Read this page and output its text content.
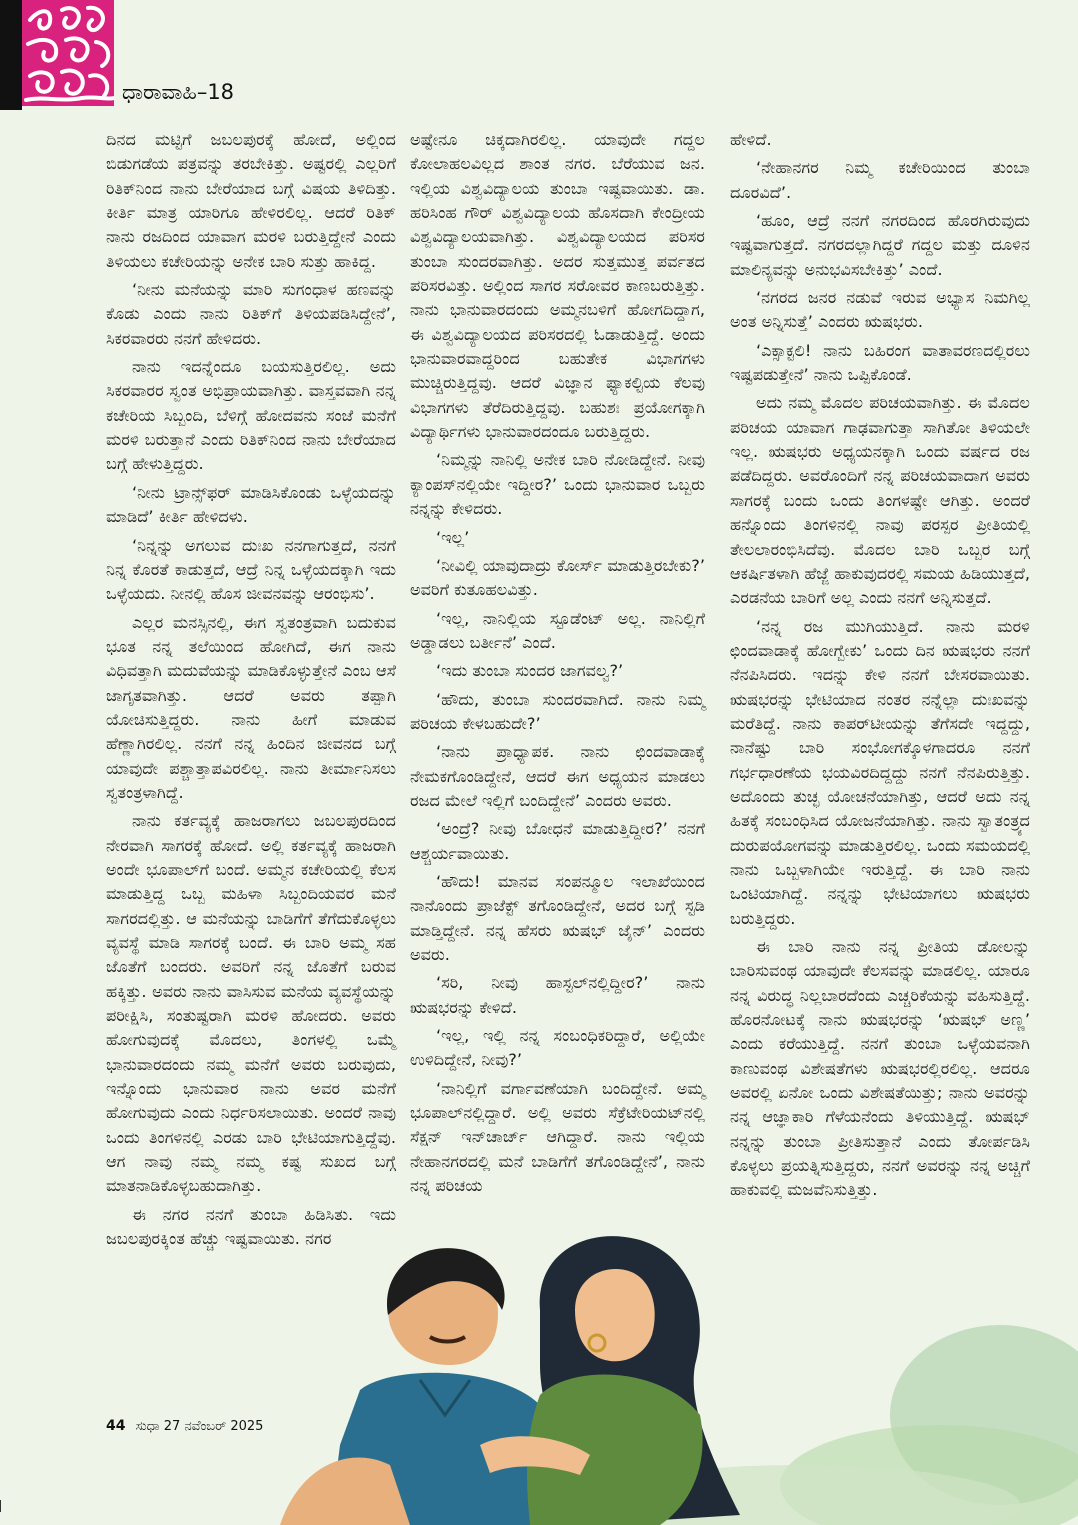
ಧಾರಾವಾಹಿ–18

ದಿನದ ಮಟ್ಟಿಗೆ ಜಬಲಪುರಕ್ಕೆ ಹೋದೆ, ಅಲ್ಲಿಂದ ಬಿಡುಗಡೆಯ ಪತ್ರವನ್ನು ತರಬೇಕಿತ್ತು. ಅಷ್ಟರಲ್ಲಿ ಎಲ್ಲರಿಗೆ ರಿತಿಕ್‌ನಿಂದ ನಾನು ಬೇರೆಯಾದ ಬಗ್ಗೆ ವಿಷಯ ತಿಳಿದಿತ್ತು. ಕೀರ್ತಿ ಮಾತ್ರ ಯಾರಿಗೂ ಹೇಳಿರಲಿಲ್ಲ. ಆದರೆ ರಿತಿಕ್ ನಾನು ರಜದಿಂದ ಯಾವಾಗ ಮರಳಿ ಬರುತ್ತಿದ್ದೇನೆ ಎಂದು ತಿಳಿಯಲು ಕಚೇರಿಯನ್ನು ಅನೇಕ ಬಾರಿ ಸುತ್ತು ಹಾಕಿದ್ದ.

‘ನೀನು ಮನೆಯನ್ನು ಮಾರಿ ಸುಗಂಧಾಳ ಹಣವನ್ನು ಕೊಡು ಎಂದು ನಾನು ರಿತಿಕ್‌ಗೆ ತಿಳಿಯಪಡಿಸಿದ್ದೇನೆ’, ಸಿಕರವಾರರು ನನಗೆ ಹೇಳಿದರು.

ನಾನು ಇದನ್ನೆಂದೂ ಬಯಸುತ್ತಿರಲಿಲ್ಲ. ಅದು ಸಿಕರವಾರರ ಸ್ವಂತ ಅಭಿಪ್ರಾಯವಾಗಿತ್ತು. ವಾಸ್ತವವಾಗಿ ನನ್ನ ಕಚೇರಿಯ ಸಿಬ್ಬಂದಿ, ಬೆಳಿಗ್ಗೆ ಹೋದವನು ಸಂಜೆ ಮನೆಗೆ ಮರಳಿ ಬರುತ್ತಾನೆ ಎಂದು ರಿತಿಕ್‌ನಿಂದ ನಾನು ಬೇರೆಯಾದ ಬಗ್ಗೆ ಹೇಳುತ್ತಿದ್ದರು.

‘ನೀನು ಟ್ರಾನ್ಸ್‌ಫರ್ ಮಾಡಿಸಿಕೊಂಡು ಒಳ್ಳೆಯದನ್ನು ಮಾಡಿದೆ’ ಕೀರ್ತಿ ಹೇಳಿದಳು.

‘ನಿನ್ನನ್ನು ಅಗಲುವ ದುಃಖ ನನಗಾಗುತ್ತದೆ, ನನಗೆ ನಿನ್ನ ಕೊರತೆ ಕಾಡುತ್ತದೆ, ಆದ್ರೆ ನಿನ್ನ ಒಳ್ಳೆಯದಕ್ಕಾಗಿ ಇದು ಒಳ್ಳೆಯದು. ನೀನಲ್ಲಿ ಹೊಸ ಜೀವನವನ್ನು ಆರಂಭಿಸು’.

ಎಲ್ಲರ ಮನಸ್ಸಿನಲ್ಲಿ, ಈಗ ಸ್ವತಂತ್ರವಾಗಿ ಬದುಕುವ ಭೂತ ನನ್ನ ತಲೆಯಿಂದ ಹೋಗಿದೆ, ಈಗ ನಾನು ವಿಧಿವತ್ತಾಗಿ ಮದುವೆಯನ್ನು ಮಾಡಿಕೊಳ್ಳುತ್ತೇನೆ ಎಂಬ ಆಸೆ ಜಾಗೃತವಾಗಿತ್ತು. ಆದರೆ ಅವರು ತಪ್ಪಾಗಿ ಯೋಚಿಸುತ್ತಿದ್ದರು. ನಾನು ಹೀಗೆ ಮಾಡುವ ಹೆಣ್ಣಾಗಿರಲಿಲ್ಲ. ನನಗೆ ನನ್ನ ಹಿಂದಿನ ಜೀವನದ ಬಗ್ಗೆ ಯಾವುದೇ ಪಶ್ಚಾತ್ತಾಪವಿರಲಿಲ್ಲ. ನಾನು ತೀರ್ಮಾನಿಸಲು ಸ್ವತಂತ್ರಳಾಗಿದ್ದೆ.

ನಾನು ಕರ್ತವ್ಯಕ್ಕೆ ಹಾಜರಾಗಲು ಜಬಲಪುರದಿಂದ ನೇರವಾಗಿ ಸಾಗರಕ್ಕೆ ಹೋದೆ. ಅಲ್ಲಿ ಕರ್ತವ್ಯಕ್ಕೆ ಹಾಜರಾಗಿ ಅಂದೇ ಭೂಪಾಲ್‌ಗೆ ಬಂದೆ. ಅಮ್ಮನ ಕಚೇರಿಯಲ್ಲಿ ಕೆಲಸ ಮಾಡುತ್ತಿದ್ದ ಒಬ್ಬ ಮಹಿಳಾ ಸಿಬ್ಬಂದಿಯವರ ಮನೆ ಸಾಗರದಲ್ಲಿತ್ತು. ಆ ಮನೆಯನ್ನು ಬಾಡಿಗೆಗೆ ತೆಗೆದುಕೊಳ್ಳಲು ವ್ಯವಸ್ಥೆ ಮಾಡಿ ಸಾಗರಕ್ಕೆ ಬಂದೆ. ಈ ಬಾರಿ ಅಮ್ಮ ಸಹ ಜೊತೆಗೆ ಬಂದರು. ಅವರಿಗೆ ನನ್ನ ಜೊತೆಗೆ ಬರುವ ಹಕ್ಕಿತ್ತು. ಅವರು ನಾನು ವಾಸಿಸುವ ಮನೆಯ ವ್ಯವಸ್ಥೆಯನ್ನು ಪರೀಕ್ಷಿಸಿ, ಸಂತುಷ್ಟರಾಗಿ ಮರಳಿ ಹೋದರು. ಅವರು ಹೋಗುವುದಕ್ಕೆ ಮೊದಲು, ತಿಂಗಳಲ್ಲಿ ಒಮ್ಮೆ ಭಾನುವಾರದಂದು ನಮ್ಮ ಮನೆಗೆ ಅವರು ಬರುವುದು, ಇನ್ನೊಂದು ಭಾನುವಾರ ನಾನು ಅವರ ಮನೆಗೆ ಹೋಗುವುದು ಎಂದು ನಿರ್ಧರಿಸಲಾಯಿತು. ಅಂದರೆ ನಾವು ಒಂದು ತಿಂಗಳಿನಲ್ಲಿ ಎರಡು ಬಾರಿ ಭೇಟಿಯಾಗುತ್ತಿದ್ದೆವು. ಆಗ ನಾವು ನಮ್ಮ ನಮ್ಮ ಕಷ್ಟ ಸುಖದ ಬಗ್ಗೆ ಮಾತನಾಡಿಕೊಳ್ಳಬಹುದಾಗಿತ್ತು.

ಈ ನಗರ ನನಗೆ ತುಂಬಾ ಹಿಡಿಸಿತು. ಇದು ಜಬಲಪುರಕ್ಕಿಂತ ಹೆಚ್ಚು ಇಷ್ಟವಾಯಿತು. ನಗರ

ಅಷ್ಟೇನೂ ಚಿಕ್ಕದಾಗಿರಲಿಲ್ಲ. ಯಾವುದೇ ಗದ್ದಲ ಕೋಲಾಹಲವಿಲ್ಲದ ಶಾಂತ ನಗರ. ಬೆರೆಯುವ ಜನ. ಇಲ್ಲಿಯ ವಿಶ್ವವಿದ್ಯಾಲಯ ತುಂಬಾ ಇಷ್ಟವಾಯಿತು. ಡಾ. ಹರಿಸಿಂಹ ಗೌರ್ ವಿಶ್ವವಿದ್ಯಾಲಯ ಹೊಸದಾಗಿ ಕೇಂದ್ರೀಯ ವಿಶ್ವವಿದ್ಯಾಲಯವಾಗಿತ್ತು. ವಿಶ್ವವಿದ್ಯಾಲಯದ ಪರಿಸರ ತುಂಬಾ ಸುಂದರವಾಗಿತ್ತು. ಅದರ ಸುತ್ತಮುತ್ತ ಪರ್ವತದ ಪರಿಸರವಿತ್ತು. ಅಲ್ಲಿಂದ ಸಾಗರ ಸರೋವರ ಕಾಣಬರುತ್ತಿತ್ತು. ನಾನು ಭಾನುವಾರದಂದು ಅಮ್ಮನಬಳಿಗೆ ಹೋಗದಿದ್ದಾಗ, ಈ ವಿಶ್ವವಿದ್ಯಾಲಯದ ಪರಿಸರದಲ್ಲಿ ಓಡಾಡುತ್ತಿದ್ದೆ. ಅಂದು ಭಾನುವಾರವಾದ್ದರಿಂದ ಬಹುತೇಕ ವಿಭಾಗಗಳು ಮುಚ್ಚಿರುತ್ತಿದ್ದವು. ಆದರೆ ವಿಜ್ಞಾನ ಫ್ಯಾಕಲ್ಟಿಯ ಕೆಲವು ವಿಭಾಗಗಳು ತೆರೆದಿರುತ್ತಿದ್ದವು. ಬಹುಶಃ ಪ್ರಯೋಗಕ್ಕಾಗಿ ವಿದ್ಯಾರ್ಥಿಗಳು ಭಾನುವಾರದಂದೂ ಬರುತ್ತಿದ್ದರು.

‘ನಿಮ್ಮನ್ನು ನಾನಿಲ್ಲಿ ಅನೇಕ ಬಾರಿ ನೋಡಿದ್ದೇನೆ. ನೀವು ಕ್ಯಾಂಪಸ್‌ನಲ್ಲಿಯೇ ಇದ್ದೀರ?’ ಒಂದು ಭಾನುವಾರ ಒಬ್ಬರು ನನ್ನನ್ನು ಕೇಳಿದರು.

‘ಇಲ್ಲ’

‘ನೀವಿಲ್ಲಿ ಯಾವುದಾದ್ರು ಕೋರ್ಸ್ ಮಾಡುತ್ತಿರಬೇಕು?’ ಅವರಿಗೆ ಕುತೂಹಲವಿತ್ತು.

‘ಇಲ್ಲ, ನಾನಿಲ್ಲಿಯ ಸ್ಟೂಡೆಂಟ್ ಅಲ್ಲ. ನಾನಿಲ್ಲಿಗೆ ಅಡ್ಡಾಡಲು ಬರ್ತೀನೆ’ ಎಂದೆ.

‘ಇದು ತುಂಬಾ ಸುಂದರ ಜಾಗವಲ್ವ?’

‘ಹೌದು, ತುಂಬಾ ಸುಂದರವಾಗಿದೆ. ನಾನು ನಿಮ್ಮ ಪರಿಚಯ ಕೇಳಬಹುದೇ?’

‘ನಾನು ಪ್ರಾಧ್ಯಾಪಕ. ನಾನು ಛಿಂದವಾಡಾಕ್ಕೆ ನೇಮಕಗೊಂಡಿದ್ದೇನೆ, ಆದರೆ ಈಗ ಅಧ್ಯಯನ ಮಾಡಲು ರಜದ ಮೇಲೆ ಇಲ್ಲಿಗೆ ಬಂದಿದ್ದೇನೆ’ ಎಂದರು ಅವರು.

‘ಅಂದ್ರೆ? ನೀವು ಬೋಧನೆ ಮಾಡುತ್ತಿದ್ದೀರ?’ ನನಗೆ ಆಶ್ಚರ್ಯವಾಯಿತು.

‘ಹೌದು! ಮಾನವ ಸಂಪನ್ಮೂಲ ಇಲಾಖೆಯಿಂದ ನಾನೊಂದು ಪ್ರಾಜೆಕ್ಟ್ ತಗೊಂಡಿದ್ದೇನೆ, ಅದರ ಬಗ್ಗೆ ಸ್ಟಡಿ ಮಾಡ್ತಿದ್ದೇನೆ. ನನ್ನ ಹೆಸರು ಋಷಭ್ ಜೈನ್’ ಎಂದರು ಅವರು.

‘ಸರಿ, ನೀವು ಹಾಸ್ಟಲ್‌ನಲ್ಲಿದ್ದೀರ?’ ನಾನು ಋಷಭರನ್ನು ಕೇಳಿದೆ.

‘ಇಲ್ಲ, ಇಲ್ಲಿ ನನ್ನ ಸಂಬಂಧಿಕರಿದ್ದಾರೆ, ಅಲ್ಲಿಯೇ ಉಳಿದಿದ್ದೇನೆ, ನೀವು?’

‘ನಾನಿಲ್ಲಿಗೆ ವರ್ಗಾವಣೆಯಾಗಿ ಬಂದಿದ್ದೇನೆ. ಅಮ್ಮ ಭೂಪಾಲ್‌ನಲ್ಲಿದ್ದಾರೆ. ಅಲ್ಲಿ ಅವರು ಸೆಕ್ರೆಟೇರಿಯಟ್‌ನಲ್ಲಿ ಸೆಕ್ಷನ್ ಇನ್‌ಚಾರ್ಜ್ ಆಗಿದ್ದಾರೆ. ನಾನು ಇಲ್ಲಿಯ ನೇಹಾನಗರದಲ್ಲಿ ಮನೆ ಬಾಡಿಗೆಗೆ ತಗೊಂಡಿದ್ದೇನೆ’, ನಾನು ನನ್ನ ಪರಿಚಯ

ಹೇಳಿದೆ.

‘ನೇಹಾನಗರ ನಿಮ್ಮ ಕಚೇರಿಯಿಂದ ತುಂಬಾ ದೂರವಿದೆ’.

‘ಹೂಂ, ಆದ್ರೆ ನನಗೆ ನಗರದಿಂದ ಹೊರಗಿರುವುದು ಇಷ್ಟವಾಗುತ್ತದೆ. ನಗರದಲ್ಲಾಗಿದ್ದರೆ ಗದ್ದಲ ಮತ್ತು ದೂಳಿನ ಮಾಲಿನ್ಯವನ್ನು ಅನುಭವಿಸಬೇಕಿತ್ತು’ ಎಂದೆ.

‘ನಗರದ ಜನರ ನಡುವೆ ಇರುವ ಅಭ್ಯಾಸ ನಿಮಗಿಲ್ಲ ಅಂತ ಅನ್ನಿಸುತ್ತೆ’ ಎಂದರು ಋಷಭರು.

‘ಎಕ್ಸಾಕ್ಟಲಿ! ನಾನು ಬಹಿರಂಗ ವಾತಾವರಣದಲ್ಲಿರಲು ಇಷ್ಟಪಡುತ್ತೇನೆ’ ನಾನು ಒಪ್ಪಿಕೊಂಡೆ.

ಅದು ನಮ್ಮ ಮೊದಲ ಪರಿಚಯವಾಗಿತ್ತು. ಈ ಮೊದಲ ಪರಿಚಯ ಯಾವಾಗ ಗಾಢವಾಗುತ್ತಾ ಸಾಗಿತೋ ತಿಳಿಯಲೇ ಇಲ್ಲ. ಋಷಭರು ಅಧ್ಯಯನಕ್ಕಾಗಿ ಒಂದು ವರ್ಷದ ರಜ ಪಡೆದಿದ್ದರು. ಅವರೊಂದಿಗೆ ನನ್ನ ಪರಿಚಯವಾದಾಗ ಅವರು ಸಾಗರಕ್ಕೆ ಬಂದು ಒಂದು ತಿಂಗಳಷ್ಟೇ ಆಗಿತ್ತು. ಅಂದರೆ ಹನ್ನೊಂದು ತಿಂಗಳಿನಲ್ಲಿ ನಾವು ಪರಸ್ಪರ ಪ್ರೀತಿಯಲ್ಲಿ ತೇಲಲಾರಂಭಿಸಿದೆವು. ಮೊದಲ ಬಾರಿ ಒಬ್ಬರ ಬಗ್ಗೆ ಆಕರ್ಷಿತಳಾಗಿ ಹೆಜ್ಜೆ ಹಾಕುವುದರಲ್ಲಿ ಸಮಯ ಹಿಡಿಯುತ್ತದೆ, ಎರಡನೆಯ ಬಾರಿಗೆ ಅಲ್ಲ ಎಂದು ನನಗೆ ಅನ್ನಿಸುತ್ತದೆ.

‘ನನ್ನ ರಜ ಮುಗಿಯುತ್ತಿದೆ. ನಾನು ಮರಳಿ ಛಿಂದವಾಡಾಕ್ಕೆ ಹೋಗ್ಬೇಕು’ ಒಂದು ದಿನ ಋಷಭರು ನನಗೆ ನೆನಪಿಸಿದರು. ಇದನ್ನು ಕೇಳಿ ನನಗೆ ಬೇಸರವಾಯಿತು. ಋಷಭರನ್ನು ಭೇಟಿಯಾದ ನಂತರ ನನ್ನೆಲ್ಲಾ ದುಃಖವನ್ನು ಮರೆತಿದ್ದೆ. ನಾನು ಕಾಪರ್‌ಟೀಯನ್ನು ತೆಗೆಸದೇ ಇದ್ದದ್ದು, ನಾನೆಷ್ಟು ಬಾರಿ ಸಂಭೋಗಕ್ಕೊಳಗಾದರೂ ನನಗೆ ಗರ್ಭಧಾರಣೆಯ ಭಯವಿರದಿದ್ದದ್ದು ನನಗೆ ನೆನಪಿರುತ್ತಿತ್ತು. ಅದೊಂದು ತುಚ್ಛ ಯೋಚನೆಯಾಗಿತ್ತು, ಆದರೆ ಅದು ನನ್ನ ಹಿತಕ್ಕೆ ಸಂಬಂಧಿಸಿದ ಯೋಜನೆಯಾಗಿತ್ತು. ನಾನು ಸ್ವಾತಂತ್ರ್ಯದ ದುರುಪಯೋಗವನ್ನು ಮಾಡುತ್ತಿರಲಿಲ್ಲ. ಒಂದು ಸಮಯದಲ್ಲಿ ನಾನು ಒಬ್ಬಳಾಗಿಯೇ ಇರುತ್ತಿದ್ದೆ. ಈ ಬಾರಿ ನಾನು ಒಂಟಿಯಾಗಿದ್ದೆ. ನನ್ನನ್ನು ಭೇಟಿಯಾಗಲು ಋಷಭರು ಬರುತ್ತಿದ್ದರು.

ಈ ಬಾರಿ ನಾನು ನನ್ನ ಪ್ರೀತಿಯ ಡೋಲನ್ನು ಬಾರಿಸುವಂಥ ಯಾವುದೇ ಕೆಲಸವನ್ನು ಮಾಡಲಿಲ್ಲ. ಯಾರೂ ನನ್ನ ವಿರುದ್ಧ ನಿಲ್ಲಬಾರದೆಂದು ಎಚ್ಚರಿಕೆಯನ್ನು ವಹಿಸುತ್ತಿದ್ದೆ. ಹೊರನೋಟಕ್ಕೆ ನಾನು ಋಷಭರನ್ನು ‘ಋಷಭ್ ಅಣ್ಣ’ ಎಂದು ಕರೆಯುತ್ತಿದ್ದೆ. ನನಗೆ ತುಂಬಾ ಒಳ್ಳೆಯವನಾಗಿ ಕಾಣುವಂಥ ವಿಶೇಷತೆಗಳು ಋಷಭರಲ್ಲಿರಲಿಲ್ಲ. ಆದರೂ ಅವರಲ್ಲಿ ಏನೋ ಒಂದು ವಿಶೇಷತೆಯಿತ್ತು; ನಾನು ಅವರನ್ನು ನನ್ನ ಆಜ್ಞಾಕಾರಿ ಗೆಳೆಯನೆಂದು ತಿಳಿಯುತ್ತಿದ್ದೆ. ಋಷಭ್ ನನ್ನನ್ನು ತುಂಬಾ ಪ್ರೀತಿಸುತ್ತಾನೆ ಎಂದು ತೋರ್ಪಡಿಸಿ ಕೊಳ್ಳಲು ಪ್ರಯತ್ನಿಸುತ್ತಿದ್ದರು, ನನಗೆ ಅವರನ್ನು ನನ್ನ ಅಚ್ಚಿಗೆ ಹಾಕುವಲ್ಲಿ ಮಜವೆನಿಸುತ್ತಿತ್ತು.

44 ಸುಧಾ 27 ನವೆಂಬರ್ 2025
